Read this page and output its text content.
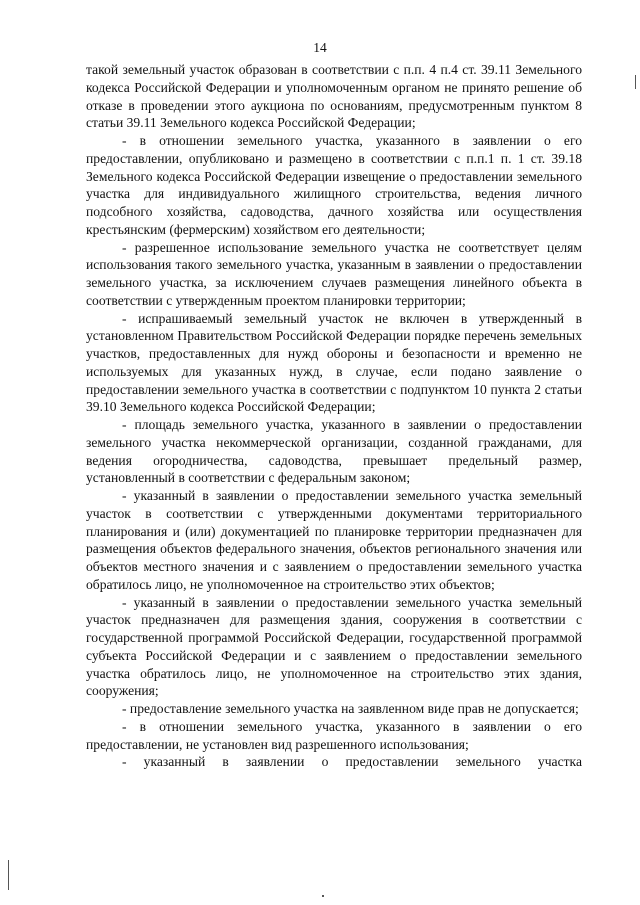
14

такой земельный участок образован в соответствии с п.п. 4 п.4 ст. 39.11 Земельного кодекса Российской Федерации и уполномоченным органом не принято решение об отказе в проведении этого аукциона по основаниям, предусмотренным пунктом 8 статьи 39.11 Земельного кодекса Российской Федерации;

- в отношении земельного участка, указанного в заявлении о его предоставлении, опубликовано и размещено в соответствии с п.п.1 п. 1 ст. 39.18 Земельного кодекса Российской Федерации извещение о предоставлении земельного участка для индивидуального жилищного строительства, ведения личного подсобного хозяйства, садоводства, дачного хозяйства или осуществления крестьянским (фермерским) хозяйством его деятельности;

- разрешенное использование земельного участка не соответствует целям использования такого земельного участка, указанным в заявлении о предоставлении земельного участка, за исключением случаев размещения линейного объекта в соответствии с утвержденным проектом планировки территории;

- испрашиваемый земельный участок не включен в утвержденный в установленном Правительством Российской Федерации порядке перечень земельных участков, предоставленных для нужд обороны и безопасности и временно не используемых для указанных нужд, в случае, если подано заявление о предоставлении земельного участка в соответствии с подпунктом 10 пункта 2 статьи 39.10 Земельного кодекса Российской Федерации;

- площадь земельного участка, указанного в заявлении о предоставлении земельного участка некоммерческой организации, созданной гражданами, для ведения огородничества, садоводства, превышает предельный размер, установленный в соответствии с федеральным законом;

- указанный в заявлении о предоставлении земельного участка земельный участок в соответствии с утвержденными документами территориального планирования и (или) документацией по планировке территории предназначен для размещения объектов федерального значения, объектов регионального значения или объектов местного значения и с заявлением о предоставлении земельного участка обратилось лицо, не уполномоченное на строительство этих объектов;

- указанный в заявлении о предоставлении земельного участка земельный участок предназначен для размещения здания, сооружения в соответствии с государственной программой Российской Федерации, государственной программой субъекта Российской Федерации и с заявлением о предоставлении земельного участка обратилось лицо, не уполномоченное на строительство этих здания, сооружения;

- предоставление земельного участка на заявленном виде прав не допускается;

- в отношении земельного участка, указанного в заявлении о его предоставлении, не установлен вид разрешенного использования;

- указанный в заявлении о предоставлении земельного участка
